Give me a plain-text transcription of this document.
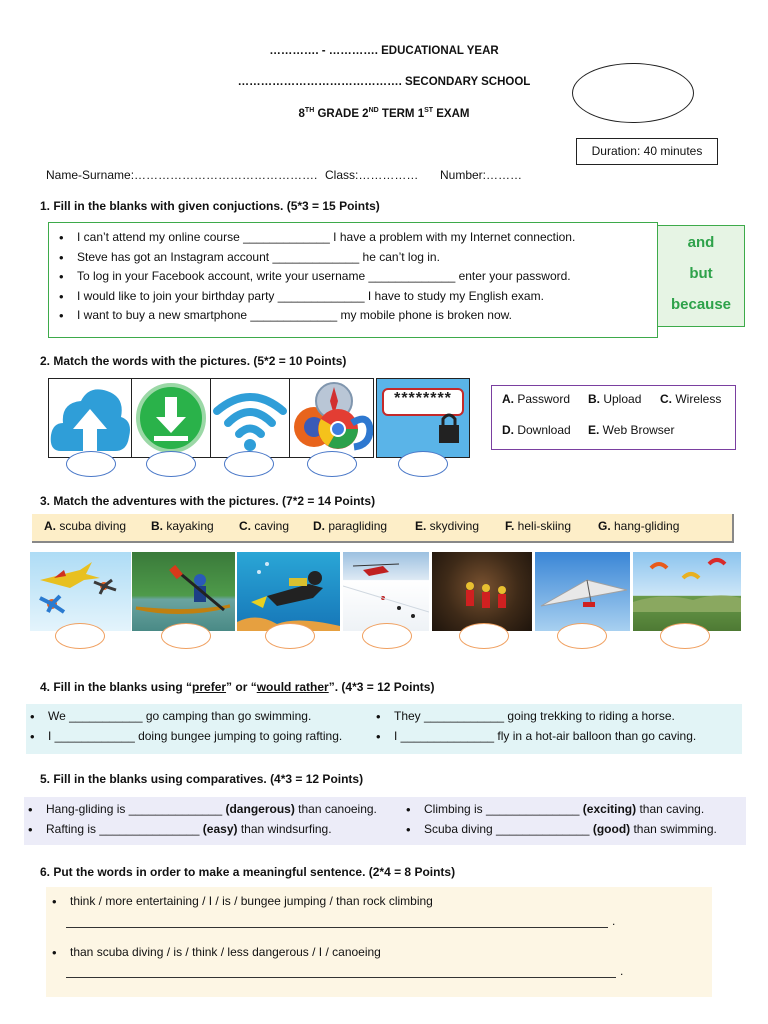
…………. - …………. EDUCATIONAL YEAR
……………………………………. SECONDARY SCHOOL
8TH GRADE 2ND TERM 1ST EXAM
Duration: 40 minutes
Name-Surname:………………………………………. Class:…………… Number:………
1. Fill in the blanks with given conjuctions. (5*3 = 15 Points)
• I can’t attend my online course _____________ I have a problem with my Internet connection.
• Steve has got an Instagram account _____________ he can’t log in.
• To log in your Facebook account, write your username _____________ enter your password.
• I would like to join your birthday party _____________ I have to study my English exam.
• I want to buy a new smartphone _____________ my mobile phone is broken now.
and
but
because
2. Match the words with the pictures. (5*2 = 10 Points)
********	A. Password B. Upload C. Wireless
D. Download E. Web Browser
3. Match the adventures with the pictures. (7*2 = 14 Points)
A. scuba diving B. kayaking C. caving D. paragliding E. skydiving F. heli-skiing G. hang-gliding
4. Fill in the blanks using “prefer” or “would rather”. (4*3 = 12 Points)
• We ___________ go camping than go swimming.
• I ____________ doing bungee jumping to going rafting.
• They ____________ going trekking to riding a horse.
• I ______________ fly in a hot-air balloon than go caving.
5. Fill in the blanks using comparatives. (4*3 = 12 Points)
• Hang-gliding is ______________ (dangerous) than canoeing.
• Rafting is _______________ (easy) than windsurfing.
• Climbing is ______________ (exciting) than caving.
• Scuba diving ______________ (good) than swimming.
6. Put the words in order to make a meaningful sentence. (2*4 = 8 Points)
• think / more entertaining / I / is / bungee jumping / than rock climbing
.
• than scuba diving / is / think / less dangerous / I / canoeing
.
